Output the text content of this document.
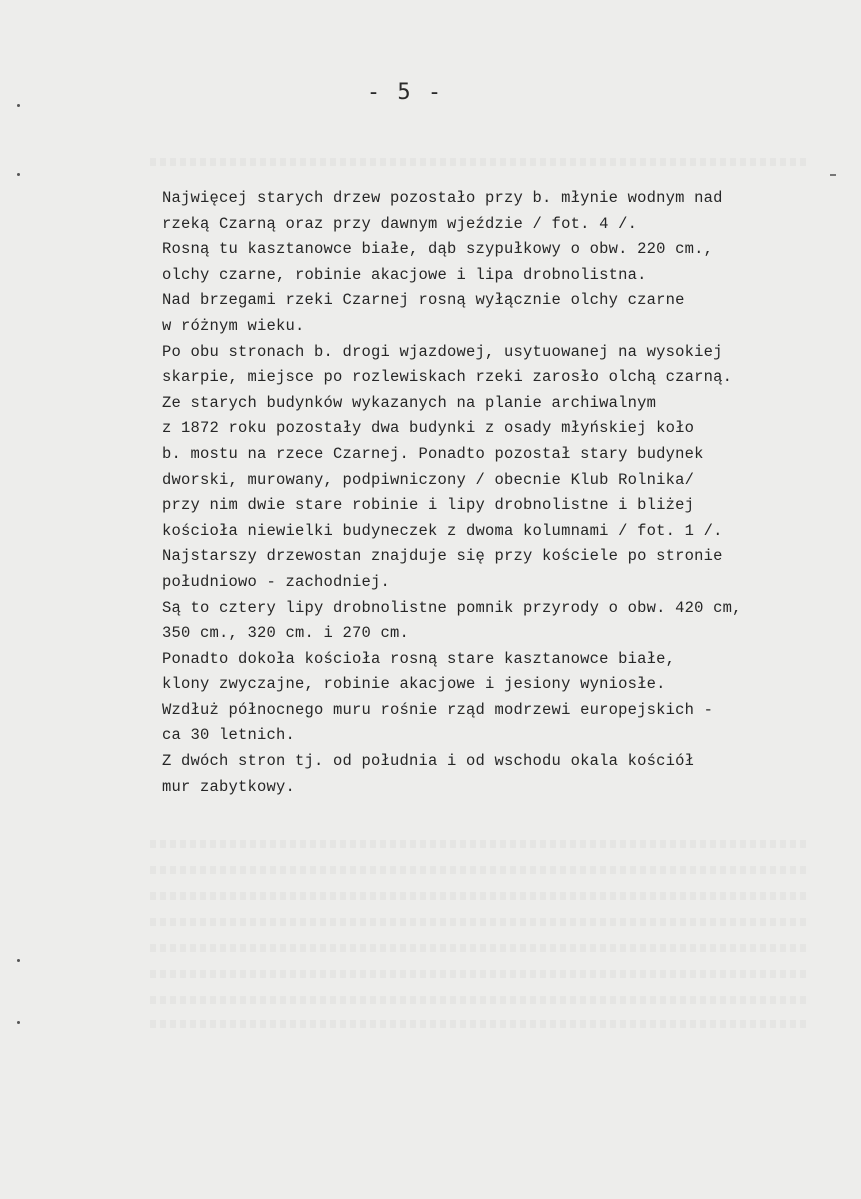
- 5 -
Najwięcej starych drzew pozostało przy b. młynie wodnym nad
rzeką Czarną oraz przy dawnym wjeździe / fot. 4 /.
Rosną tu kasztanowce białe, dąb szypułkowy o obw. 220 cm.,
olchy czarne, robinie akacjowe i lipa drobnolistna.
Nad brzegami rzeki Czarnej rosną wyłącznie olchy czarne
w różnym wieku.
Po obu stronach b. drogi wjazdowej, usytuowanej na wysokiej
skarpie, miejsce po rozlewiskach rzeki zarosło olchą czarną.
Ze starych budynków wykazanych na planie archiwalnym
z 1872 roku pozostały dwa budynki z osady młyńskiej koło
b. mostu na rzece Czarnej. Ponadto pozostał stary budynek
dworski, murowany, podpiwniczony / obecnie Klub Rolnika/
przy nim dwie stare robinie i lipy drobnolistne i bliżej
kościoła niewielki budyneczek z dwoma kolumnami / fot. 1 /.
Najstarszy drzewostan znajduje się przy kościele po stronie
południowo - zachodniej.
Są to cztery lipy drobnolistne pomnik przyrody o obw. 420 cm,
350 cm., 320 cm. i 270 cm.
Ponadto dokoła kościoła rosną stare kasztanowce białe,
klony zwyczajne, robinie akacjowe i jesiony wyniosłe.
Wzdłuż północnego muru rośnie rząd modrzewi europejskich -
ca 30 letnich.
Z dwóch stron tj. od południa i od wschodu okala kościół
mur zabytkowy.
